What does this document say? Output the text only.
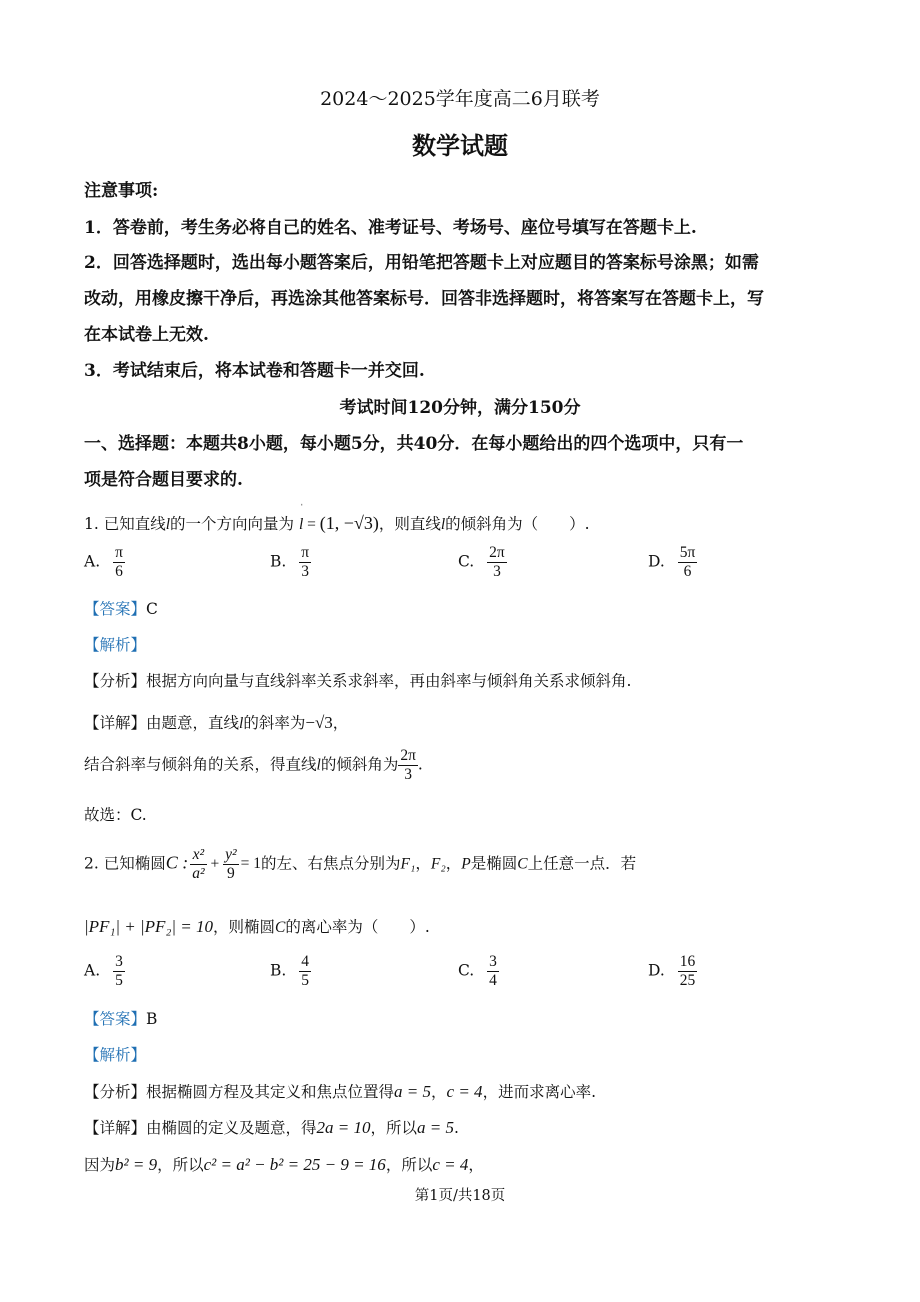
2024～2025学年度高二6月联考
数学试题
注意事项:
1．答卷前，考生务必将自己的姓名、准考证号、考场号、座位号填写在答题卡上.
2．回答选择题时，选出每小题答案后，用铅笔把答题卡上对应题目的答案标号涂黑；如需
改动，用橡皮擦干净后，再选涂其他答案标号．回答非选择题时，将答案写在答题卡上，写
在本试卷上无效.
3．考试结束后，将本试卷和答题卡一并交回.
考试时间120分钟，满分150分
一、选择题：本题共8小题，每小题5分，共40分．在每小题给出的四个选项中，只有一
项是符合题目要求的.
1. 已知直线l的一个方向向量为
ˈ
l = (1, −√3)，则直线l的倾斜角为（　　）.
A. $\frac{\pi}{6}$	B. $\frac{\pi}{3}$	C. $\frac{2\pi}{3}$	D. $\frac{5\pi}{6}$
【答案】C
【解析】
【分析】根据方向向量与直线斜率关系求斜率，再由斜率与倾斜角关系求倾斜角.
【详解】由题意，直线l的斜率为−√3，
结合斜率与倾斜角的关系，得直线l的倾斜角为 $\frac{2\pi}{3}$ .
故选：C.
2. 已知椭圆C : $\frac{\text{x²}}{\text{a²}} + \frac{\text{y²}}{9} = 1$的左、右焦点分别为F₁，F₂，P是椭圆C上任意一点．若
|PF₁| + |PF₂| = 10，则椭圆C的离心率为（　　）.
A. $\frac{3}{5}$	B. $\frac{4}{5}$	C. $\frac{3}{4}$	D. $\frac{16}{25}$
【答案】B
【解析】
【分析】根据椭圆方程及其定义和焦点位置得a = 5，c = 4，进而求离心率.
【详解】由椭圆的定义及题意，得2a = 10，所以a = 5.
因为b² = 9，所以c² = a² − b² = 25 − 9 = 16，所以c = 4，
第1页/共18页
